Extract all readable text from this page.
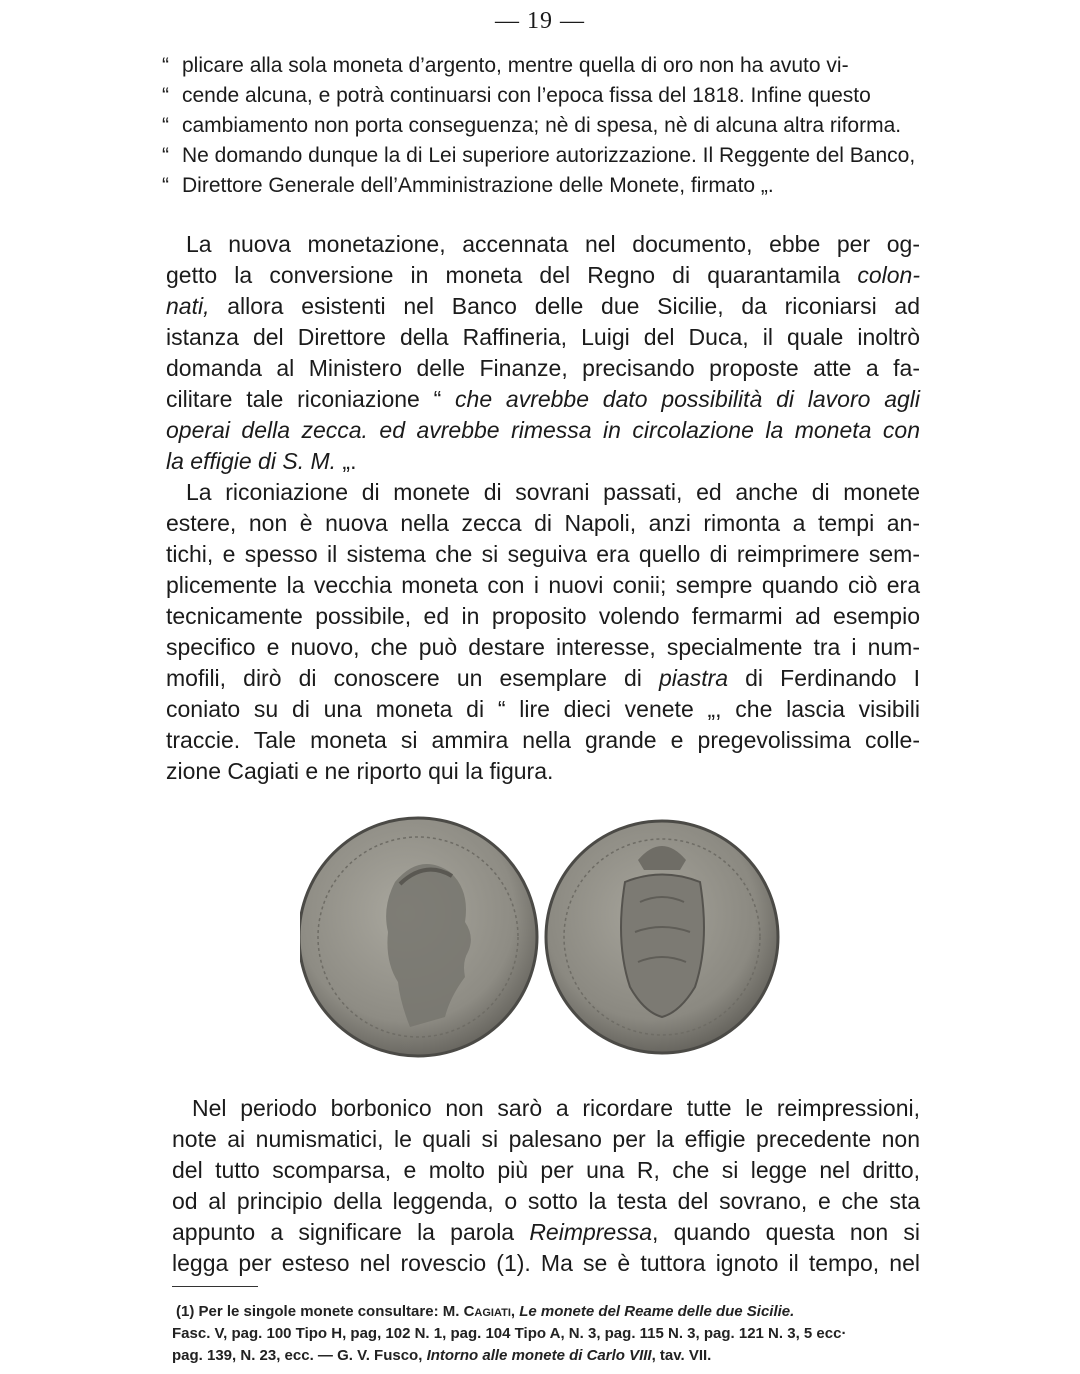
— 19 —
“ plicare alla sola moneta d’argento, mentre quella di oro non ha avuto vi-
“ cende alcuna, e potrà continuarsi con l’epoca fissa del 1818. Infine questo
“ cambiamento non porta conseguenza; nè di spesa, nè di alcuna altra riforma.
“ Ne domando dunque la di Lei superiore autorizzazione. Il Reggente del Banco,
“ Direttore Generale dell’Amministrazione delle Monete, firmato „.
La nuova monetazione, accennata nel documento, ebbe per og-
getto la conversione in moneta del Regno di quarantamila colon-
nati, allora esistenti nel Banco delle due Sicilie, da riconiarsi ad
istanza del Direttore della Raffineria, Luigi del Duca, il quale inoltrò
domanda al Ministero delle Finanze, precisando proposte atte a fa-
cilitare tale riconiazione “ che avrebbe dato possibilità di lavoro agli
operai della zecca. ed avrebbe rimessa in circolazione la moneta con
la effigie di S. M. „.
La riconiazione di monete di sovrani passati, ed anche di monete
estere, non è nuova nella zecca di Napoli, anzi rimonta a tempi an-
tichi, e spesso il sistema che si seguiva era quello di reimprimere sem-
plicemente la vecchia moneta con i nuovi conii; sempre quando ciò era
tecnicamente possibile, ed in proposito volendo fermarmi ad esempio
specifico e nuovo, che può destare interesse, specialmente tra i num-
mofili, dirò di conoscere un esemplare di piastra di Ferdinando I
coniato su di una moneta di “ lire dieci venete „, che lascia visibili
traccie. Tale moneta si ammira nella grande e pregevolissima colle-
zione Cagiati e ne riporto qui la figura.
Nel periodo borbonico non sarò a ricordare tutte le reimpressioni,
note ai numismatici, le quali si palesano per la effigie precedente non
del tutto scomparsa, e molto più per una R, che si legge nel dritto,
od al principio della leggenda, o sotto la testa del sovrano, e che sta
appunto a significare la parola Reimpressa, quando questa non si
legga per esteso nel rovescio (1). Ma se è tuttora ignoto il tempo, nel
(1) Per le singole monete consultare: M. Cagiati, Le monete del Reame delle due Sicilie.
Fasc. V, pag. 100 Tipo H, pag, 102 N. 1, pag. 104 Tipo A, N. 3, pag. 115 N. 3, pag. 121 N. 3, 5 ecc·
pag. 139, N. 23, ecc. — G. V. Fusco, Intorno alle monete di Carlo VIII, tav. VII.
